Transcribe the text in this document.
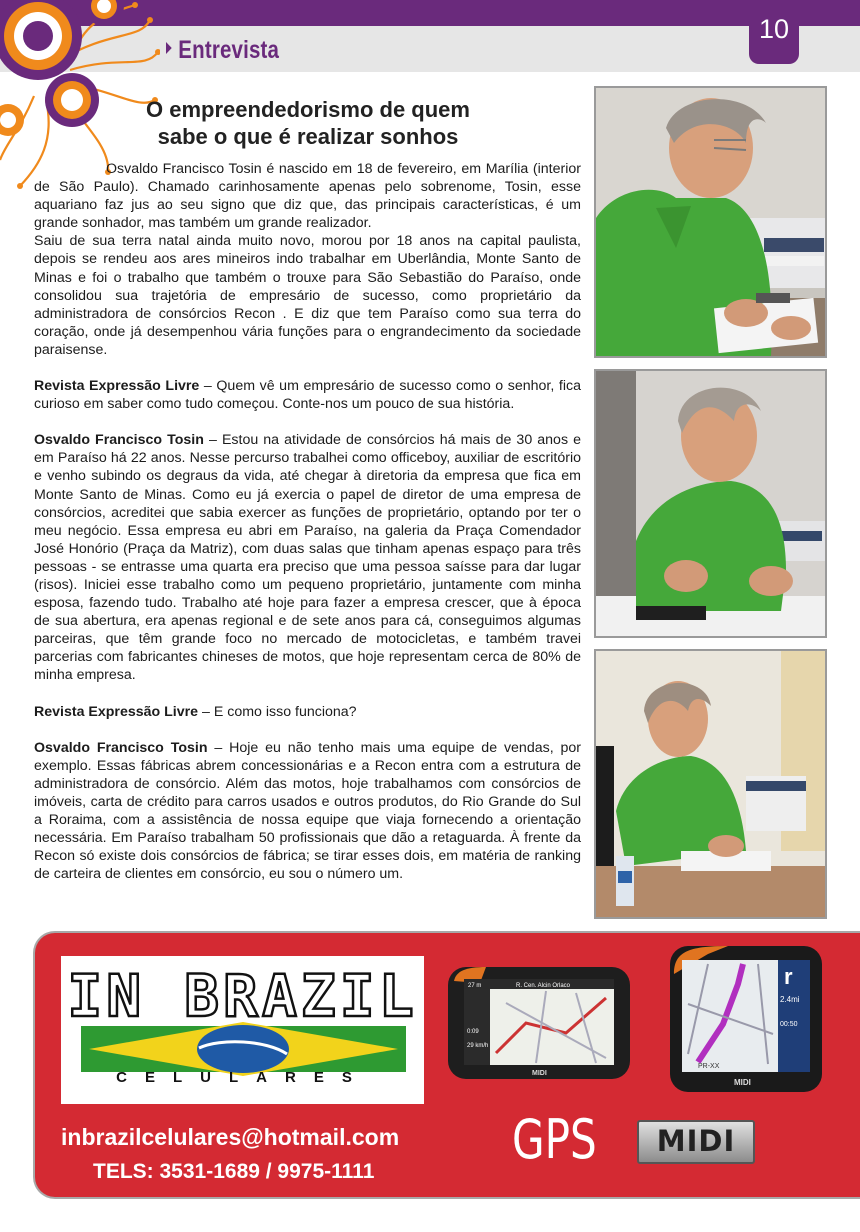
Entrevista
10
O empreendedorismo de quem
sabe o que é realizar sonhos

Osvaldo Francisco Tosin é nascido em 18 de fevereiro, em Marília (interior de São Paulo). Chamado carinhosamente apenas pelo sobrenome, Tosin, esse aquariano faz jus ao seu signo que diz que, das principais características, é um grande sonhador, mas também um grande realizador.

Saiu de sua terra natal ainda muito novo, morou por 18 anos na capital paulista, depois se rendeu aos ares mineiros indo trabalhar em Uberlândia, Monte Santo de Minas e foi o trabalho que também o trouxe para São Sebastião do Paraíso, onde consolidou sua trajetória de empresário de sucesso, como proprietário da administradora de consórcios Recon . E diz que tem Paraíso como sua terra do coração, onde já desempenhou vária funções para o engrandecimento da sociedade paraisense.

Revista Expressão Livre – Quem vê um empresário de sucesso como o senhor, fica curioso em saber como tudo começou. Conte-nos um pouco de sua história.

Osvaldo Francisco Tosin – Estou na atividade de consórcios há mais de 30 anos e em Paraíso há 22 anos. Nesse percurso trabalhei como officeboy, auxiliar de escritório e venho subindo os degraus da vida, até chegar à diretoria da empresa que fica em Monte Santo de Minas. Como eu já exercia o papel de diretor de uma empresa de consórcios, acreditei que sabia exercer as funções de proprietário, optando por ter o meu negócio. Essa empresa eu abri em Paraíso, na galeria da Praça Comendador José Honório (Praça da Matriz), com duas salas que tinham apenas espaço para três pessoas - se entrasse uma quarta era preciso que uma pessoa saísse para dar lugar (risos). Iniciei esse trabalho como um pequeno proprietário, juntamente com minha esposa, fazendo tudo. Trabalho até hoje para fazer a empresa crescer, que à época de sua abertura, era apenas regional e de sete anos para cá, conseguimos algumas parceiras, que têm grande foco no mercado de motocicletas, e também travei parcerias com fabricantes chineses de motos, que hoje representam cerca de 80% de minha empresa.

Revista Expressão Livre – E como isso funciona?

Osvaldo Francisco Tosin – Hoje eu não tenho mais uma equipe de vendas, por exemplo. Essas fábricas abrem concessionárias e a Recon entra com a estrutura de administradora de consórcio. Além das motos, hoje trabalhamos com consórcios de imóveis, carta de crédito para carros usados e outros produtos, do Rio Grande do Sul a Roraima, com a assistência de nossa equipe que viaja fornecendo a orientação necessária. Em Paraíso trabalham 50 profissionais que dão a retaguarda. À frente da Recon só existe dois consórcios de fábrica; se tirar esses dois, em matéria de ranking de carteira de clientes em consórcio, eu sou o número um.

IN BRAZIL
CELULARES
27 m	R. Cen. Alcin Orlaco
0:09
29 km/h
MIDI
r
2.4mi
00:50
PR-XX
MIDI
GPS	MIDI
inbrazilcelulares@hotmail.com
TELS: 3531-1689 / 9975-1111
